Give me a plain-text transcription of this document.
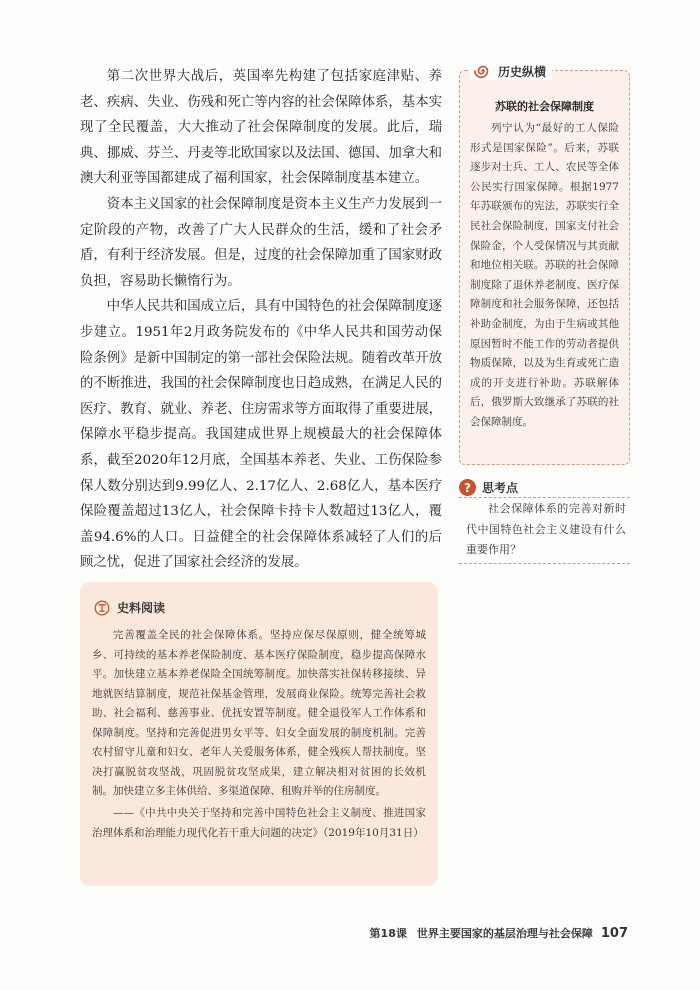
第二次世界大战后，英国率先构建了包括家庭津贴、养老、疾病、失业、伤残和死亡等内容的社会保障体系，基本实现了全民覆盖，大大推动了社会保障制度的发展。此后，瑞典、挪威、芬兰、丹麦等北欧国家以及法国、德国、加拿大和澳大利亚等国都建成了福利国家，社会保障制度基本建立。

资本主义国家的社会保障制度是资本主义生产力发展到一定阶段的产物，改善了广大人民群众的生活，缓和了社会矛盾，有利于经济发展。但是，过度的社会保障加重了国家财政负担，容易助长懒惰行为。

中华人民共和国成立后，具有中国特色的社会保障制度逐步建立。1951年2月政务院发布的《中华人民共和国劳动保险条例》是新中国制定的第一部社会保险法规。随着改革开放的不断推进，我国的社会保障制度也日趋成熟，在满足人民的医疗、教育、就业、养老、住房需求等方面取得了重要进展，保障水平稳步提高。我国建成世界上规模最大的社会保障体系，截至2020年12月底，全国基本养老、失业、工伤保险参保人数分别达到9.99亿人、2.17亿人、2.68亿人，基本医疗保险覆盖超过13亿人，社会保障卡持卡人数超过13亿人，覆盖94.6%的人口。日益健全的社会保障体系减轻了人们的后顾之忧，促进了国家社会经济的发展。

历史纵横
苏联的社会保障制度

列宁认为“最好的工人保险形式是国家保险”。后来，苏联逐步对士兵、工人、农民等全体公民实行国家保障。根据1977年苏联颁布的宪法，苏联实行全民社会保险制度，国家支付社会保险金，个人受保情况与其贡献和地位相关联。苏联的社会保障制度除了退休养老制度、医疗保障制度和社会服务保障，还包括补助金制度，为由于生病或其他原因暂时不能工作的劳动者提供物质保障，以及为生育或死亡造成的开支进行补助。苏联解体后，俄罗斯大致继承了苏联的社会保障制度。

? 思考点

社会保障体系的完善对新时代中国特色社会主义建设有什么重要作用？

史料阅读

完善覆盖全民的社会保障体系。坚持应保尽保原则，健全统筹城乡、可持续的基本养老保险制度、基本医疗保险制度，稳步提高保障水平。加快建立基本养老保险全国统筹制度。加快落实社保转移接续、异地就医结算制度，规范社保基金管理，发展商业保险。统筹完善社会救助、社会福利、慈善事业、优抚安置等制度。健全退役军人工作体系和保障制度。坚持和完善促进男女平等、妇女全面发展的制度机制。完善农村留守儿童和妇女、老年人关爱服务体系，健全残疾人帮扶制度。坚决打赢脱贫攻坚战，巩固脱贫攻坚成果，建立解决相对贫困的长效机制。加快建立多主体供给、多渠道保障、租购并举的住房制度。

——《中共中央关于坚持和完善中国特色社会主义制度、推进国家治理体系和治理能力现代化若干重大问题的决定》（2019年10月31日）

第18课 世界主要国家的基层治理与社会保障 107
